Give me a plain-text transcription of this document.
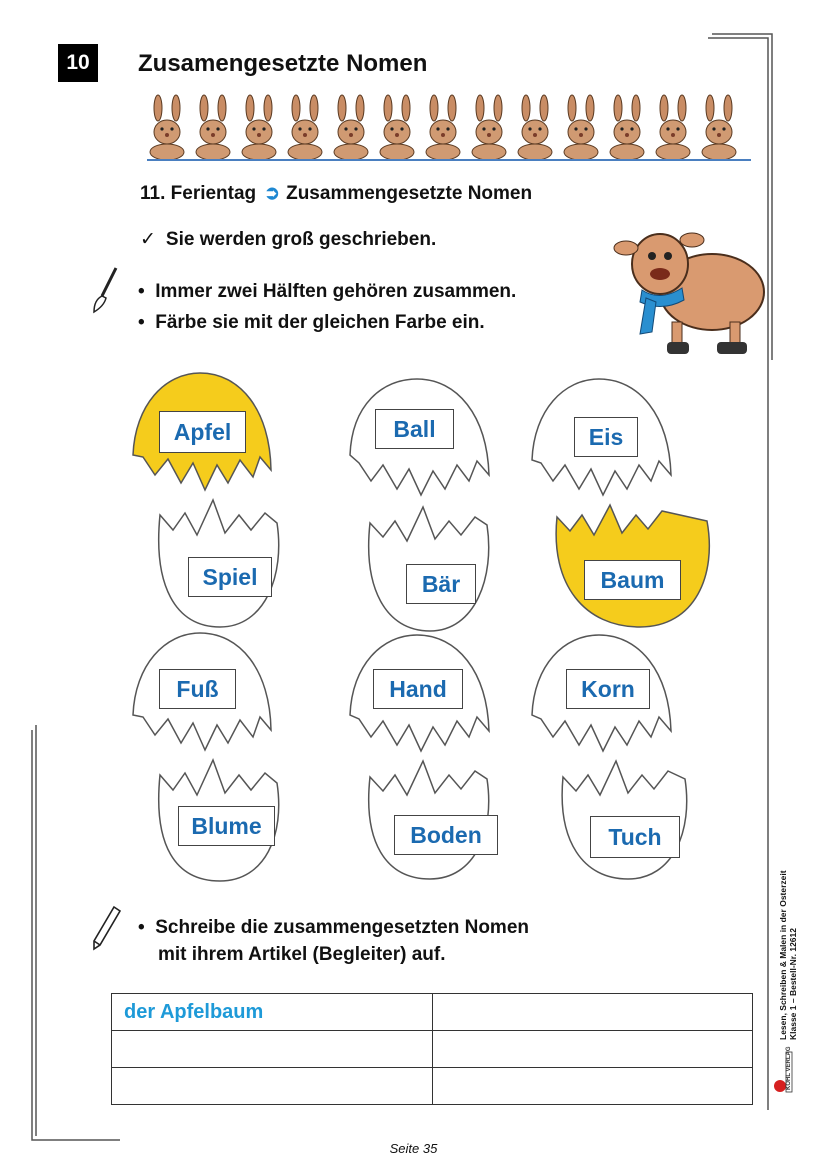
10	Zusamengesetzte Nomen
11. Ferientag ➲ Zusammengesetzte Nomen
✓ Sie werden groß geschrieben.
•  Immer zwei Hälften gehören zusammen.
•  Färbe sie mit der gleichen Farbe ein.
Apfel	Ball	Eis
Spiel	Bär	Baum
Fuß	Hand	Korn
Blume	Boden	Tuch
•  Schreibe die zusammengesetzten Nomen
mit ihrem Artikel (Begleiter) auf.
der Apfelbaum	

		Lesen, Schreiben & Malen in der Osterzeit Klasse 1 – Bestell-Nr. 12612
KOHL VERLAG
Seite 35
